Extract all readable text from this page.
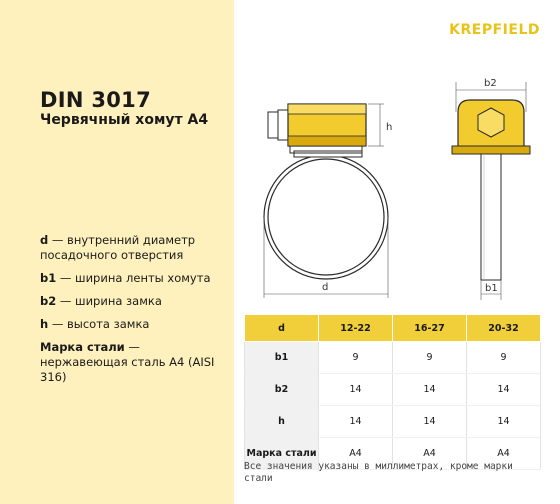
DIN 3017
Червячный хомут А4
d — внутренний диаметр посадочного отверстия
b1 — ширина ленты хомута
b2 — ширина замка
h — высота замка
Марка стали — нержавеющая сталь А4 (AISI 316)
KREPFIELD
h
d
b2
b1
d	12-22	16-27	20-32
b1	9	9	9
b2	14	14	14
h	14	14	14
Марка стали	А4	А4	А4
Все значения указаны в миллиметрах, кроме марки стали
